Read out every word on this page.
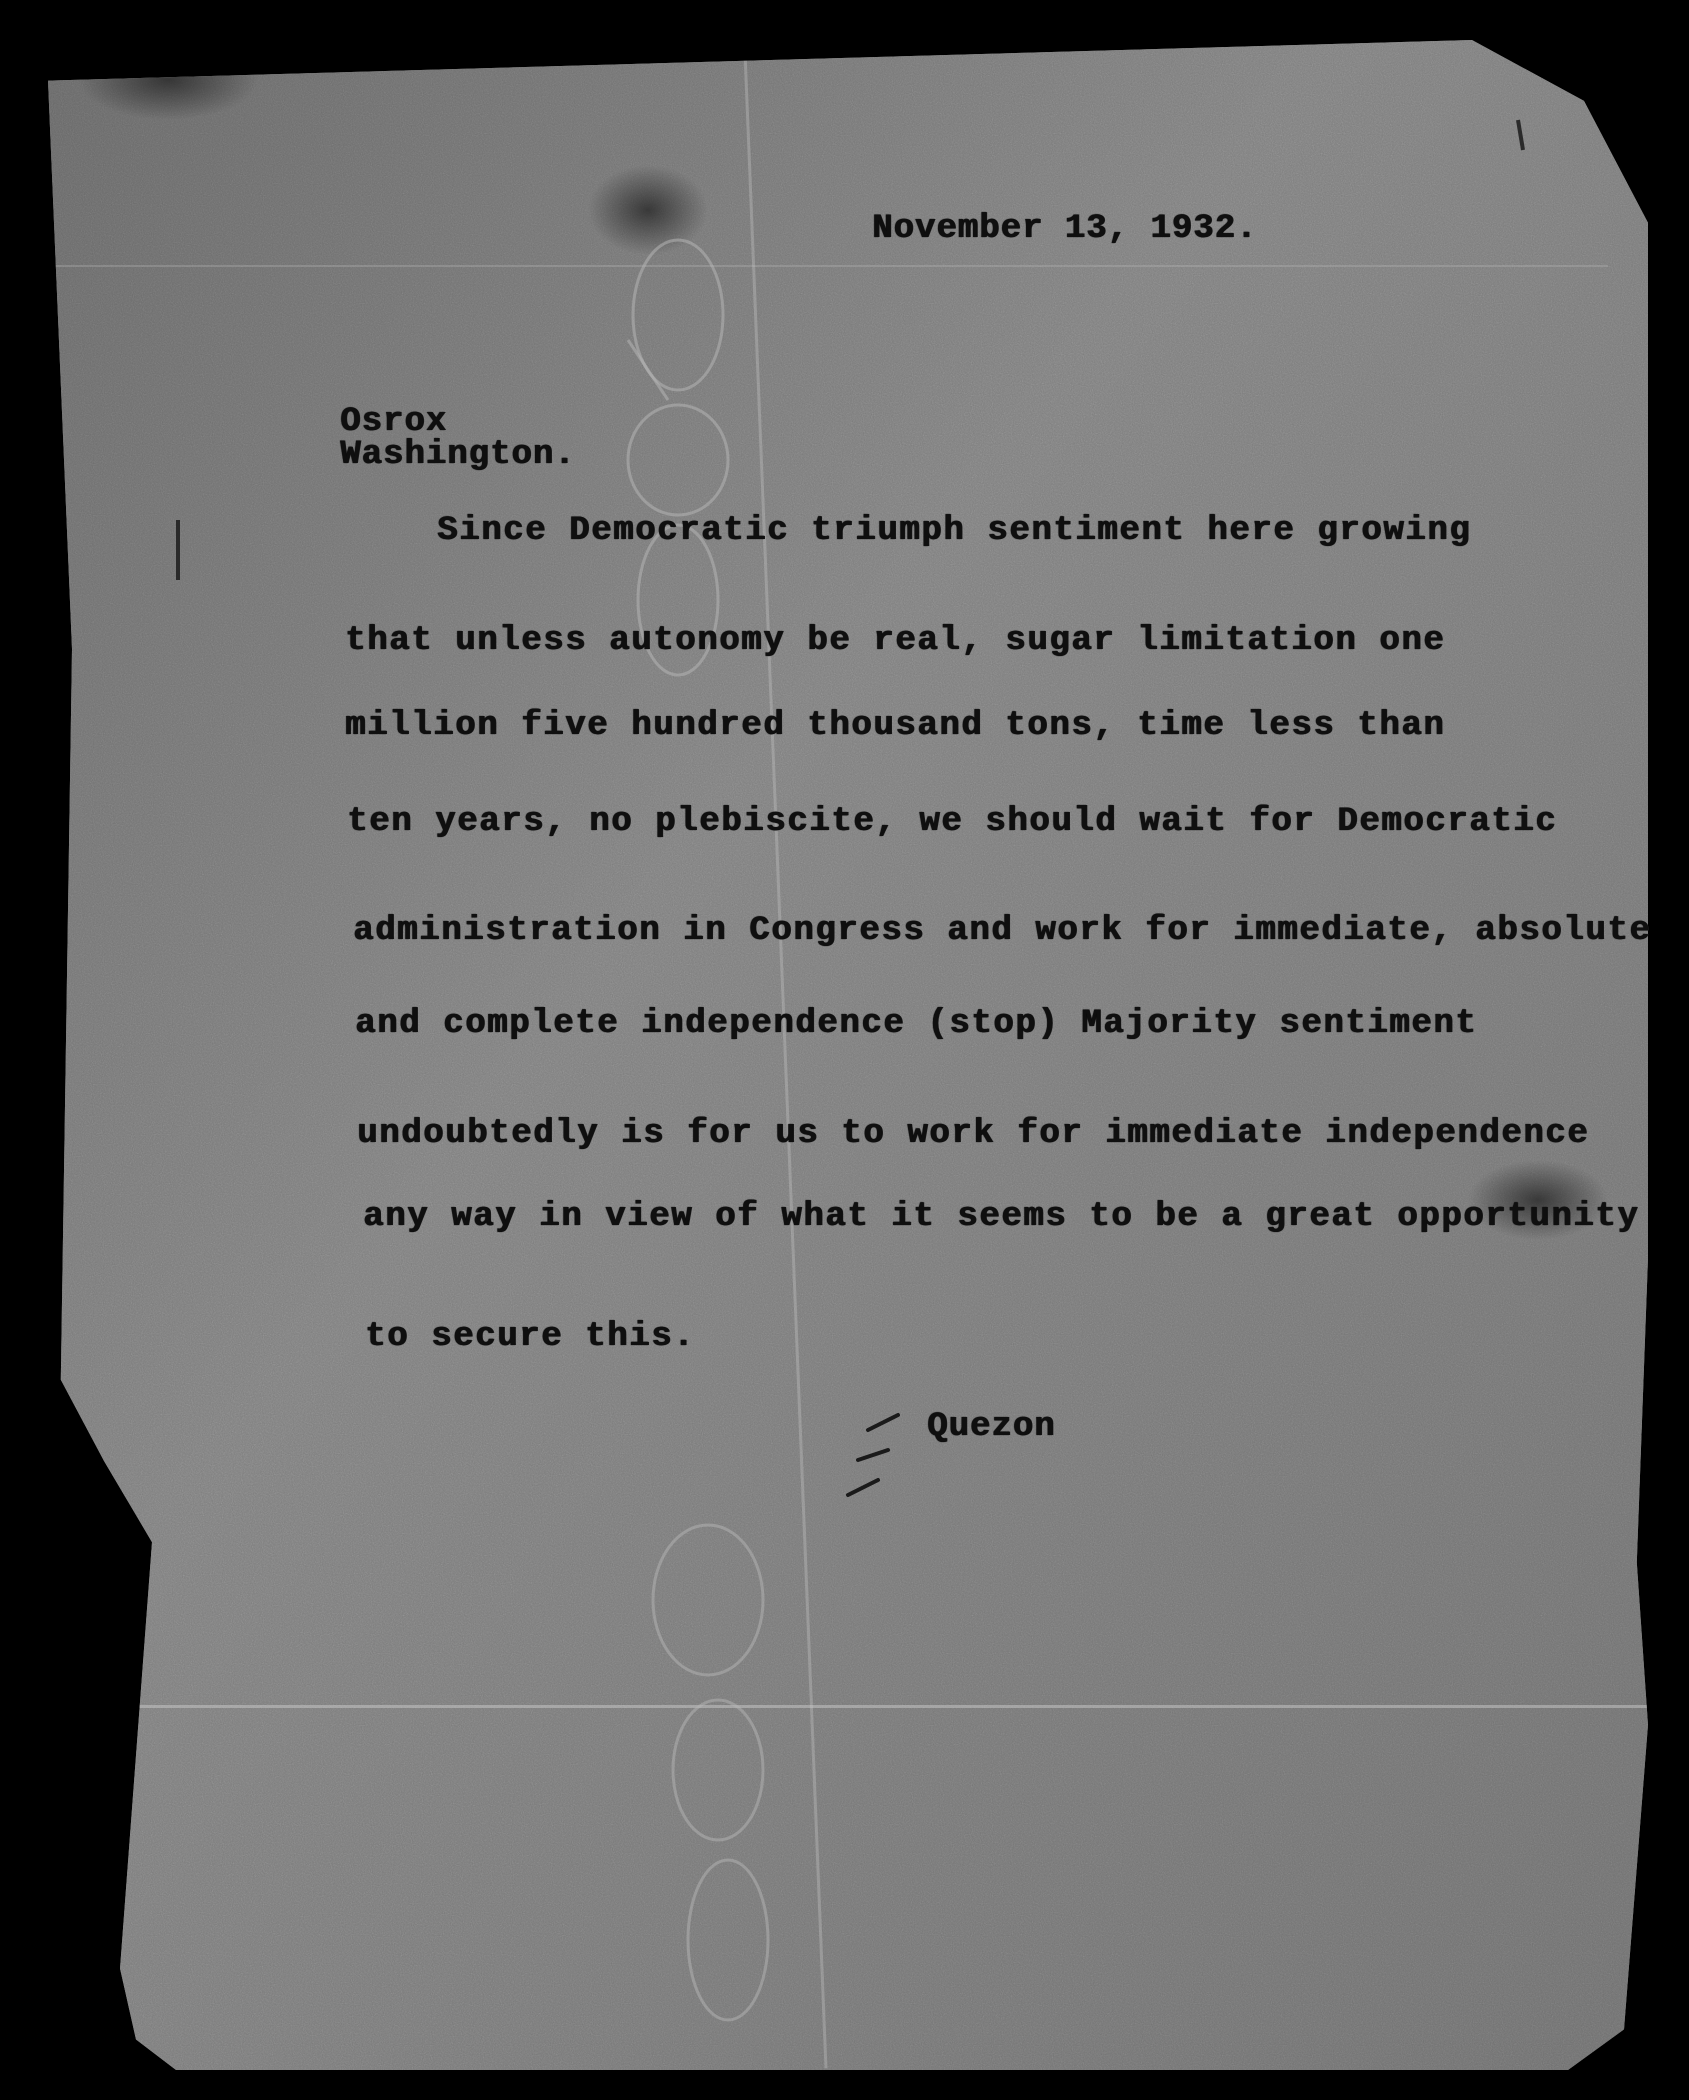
November 13, 1932.

Osrox

Washington.

Since Democratic triumph sentiment here growing

that unless autonomy be real, sugar limitation one

million five hundred thousand tons, time less than

ten years, no plebiscite, we should wait for Democratic

administration in Congress and work for immediate, absolute

and complete independence (stop) Majority sentiment

undoubtedly is for us to work for immediate independence

any way in view of what it seems to be a great opportunity

to secure this.

Quezon
